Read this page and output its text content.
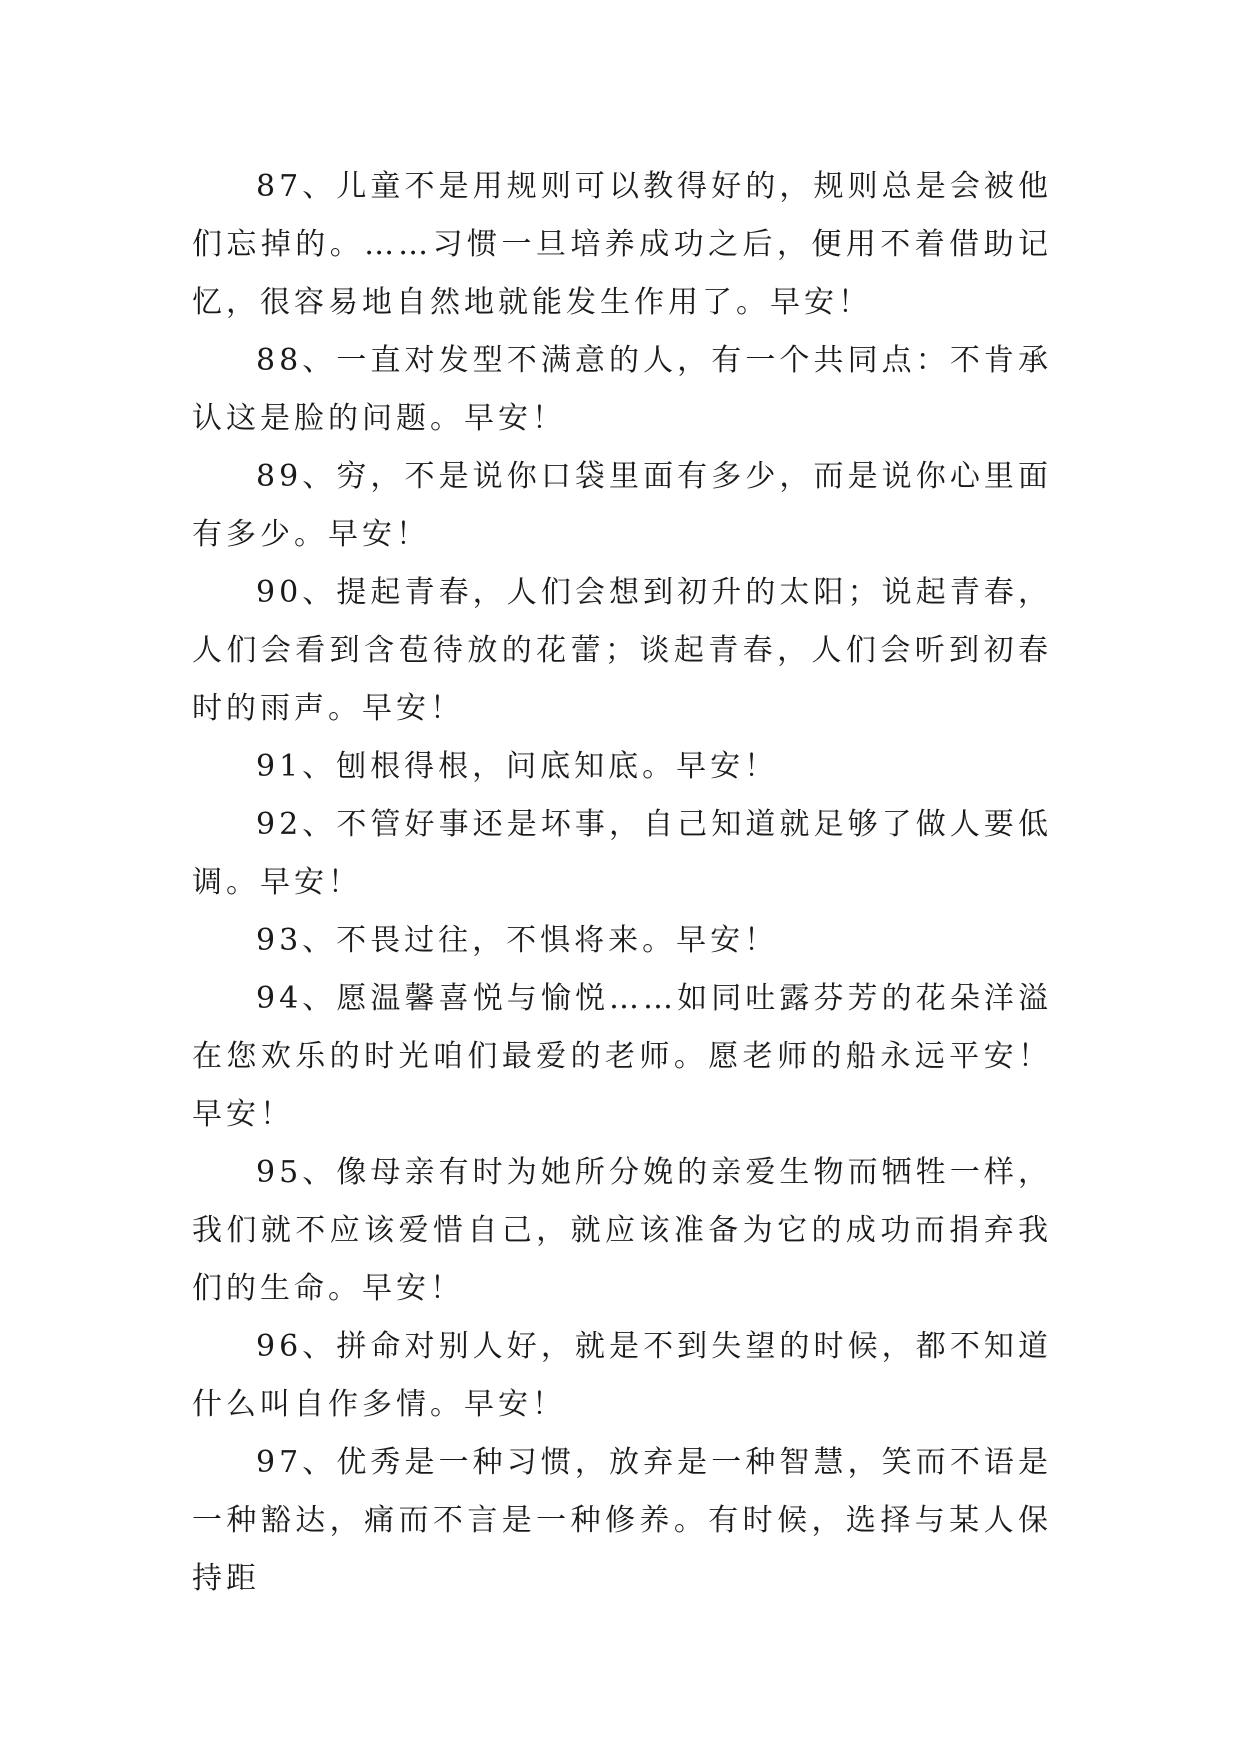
87、儿童不是用规则可以教得好的，规则总是会被他们忘掉的。……习惯一旦培养成功之后，便用不着借助记忆，很容易地自然地就能发生作用了。早安！

88、一直对发型不满意的人，有一个共同点：不肯承认这是脸的问题。早安！

89、穷，不是说你口袋里面有多少，而是说你心里面有多少。早安！

90、提起青春，人们会想到初升的太阳；说起青春，人们会看到含苞待放的花蕾；谈起青春，人们会听到初春时的雨声。早安！

91、刨根得根，问底知底。早安！

92、不管好事还是坏事，自己知道就足够了做人要低调。早安！

93、不畏过往，不惧将来。早安！

94、愿温馨喜悦与愉悦……如同吐露芬芳的花朵洋溢在您欢乐的时光咱们最爱的老师。愿老师的船永远平安！早安！

95、像母亲有时为她所分娩的亲爱生物而牺牲一样，我们就不应该爱惜自己，就应该准备为它的成功而捐弃我们的生命。早安！

96、拼命对别人好，就是不到失望的时候，都不知道什么叫自作多情。早安！

97、优秀是一种习惯，放弃是一种智慧，笑而不语是一种豁达，痛而不言是一种修养。有时候，选择与某人保持距
